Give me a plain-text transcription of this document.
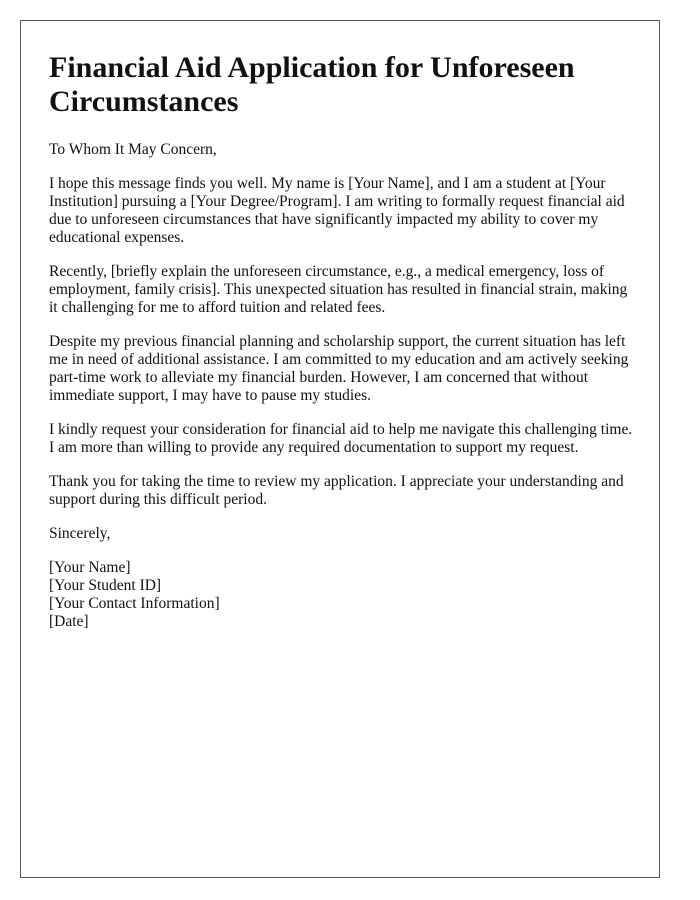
Financial Aid Application for Unforeseen Circumstances

To Whom It May Concern,

I hope this message finds you well. My name is [Your Name], and I am a student at [Your Institution] pursuing a [Your Degree/Program]. I am writing to formally request financial aid due to unforeseen circumstances that have significantly impacted my ability to cover my educational expenses.

Recently, [briefly explain the unforeseen circumstance, e.g., a medical emergency, loss of employment, family crisis]. This unexpected situation has resulted in financial strain, making it challenging for me to afford tuition and related fees.

Despite my previous financial planning and scholarship support, the current situation has left me in need of additional assistance. I am committed to my education and am actively seeking part-time work to alleviate my financial burden. However, I am concerned that without immediate support, I may have to pause my studies.

I kindly request your consideration for financial aid to help me navigate this challenging time. I am more than willing to provide any required documentation to support my request.

Thank you for taking the time to review my application. I appreciate your understanding and support during this difficult period.

Sincerely,

[Your Name]
[Your Student ID]
[Your Contact Information]
[Date]
